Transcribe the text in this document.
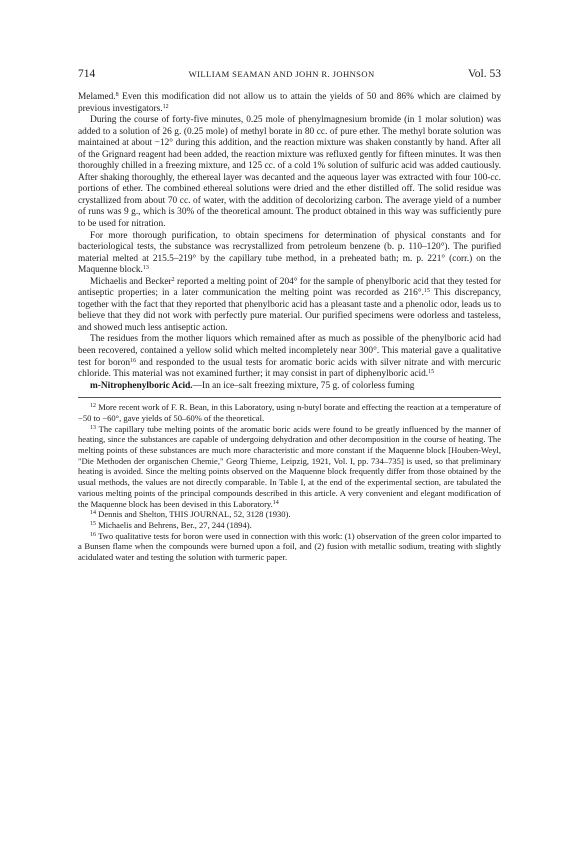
714	WILLIAM SEAMAN AND JOHN R. JOHNSON	Vol. 53

Melamed.$^8$ Even this modification did not allow us to attain the yields of 50 and 86% which are claimed by previous investigators.$^{12}$

During the course of forty-five minutes, 0.25 mole of phenylmagnesium bromide (in 1 molar solution) was added to a solution of 26 g. (0.25 mole) of methyl borate in 80 cc. of pure ether. The methyl borate solution was maintained at about −12° during this addition, and the reaction mixture was shaken constantly by hand. After all of the Grignard reagent had been added, the reaction mixture was refluxed gently for fifteen minutes. It was then thoroughly chilled in a freezing mixture, and 125 cc. of a cold 1% solution of sulfuric acid was added cautiously. After shaking thoroughly, the ethereal layer was decanted and the aqueous layer was extracted with four 100-cc. portions of ether. The combined ethereal solutions were dried and the ether distilled off. The solid residue was crystallized from about 70 cc. of water, with the addition of decolorizing carbon. The average yield of a number of runs was 9 g., which is 30% of the theoretical amount. The product obtained in this way was sufficiently pure to be used for nitration.

For more thorough purification, to obtain specimens for determination of physical constants and for bacteriological tests, the substance was recrystallized from petroleum benzene (b. p. 110–120°). The purified material melted at 215.5–219° by the capillary tube method, in a preheated bath; m. p. 221° (corr.) on the Maquenne block.$^{13}$

Michaelis and Becker$^2$ reported a melting point of 204° for the sample of phenylboric acid that they tested for antiseptic properties; in a later communication the melting point was recorded as 216°.$^{15}$ This discrepancy, together with the fact that they reported that phenylboric acid has a pleasant taste and a phenolic odor, leads us to believe that they did not work with perfectly pure material. Our purified specimens were odorless and tasteless, and showed much less antiseptic action.

The residues from the mother liquors which remained after as much as possible of the phenylboric acid had been recovered, contained a yellow solid which melted incompletely near 300°. This material gave a qualitative test for boron$^{16}$ and responded to the usual tests for aromatic boric acids with silver nitrate and with mercuric chloride. This material was not examined further; it may consist in part of diphenylboric acid.$^{15}$

m-Nitrophenylboric Acid.—In an ice–salt freezing mixture, 75 g. of colorless fuming

$^{12}$ More recent work of F. R. Bean, in this Laboratory, using n-butyl borate and effecting the reaction at a temperature of −50 to −60°, gave yields of 50–60% of the theoretical.

$^{13}$ The capillary tube melting points of the aromatic boric acids were found to be greatly influenced by the manner of heating, since the substances are capable of undergoing dehydration and other decomposition in the course of heating. The melting points of these substances are much more characteristic and more constant if the Maquenne block [Houben-Weyl, "Die Methoden der organischen Chemie," Georg Thieme, Leipzig, 1921, Vol. I, pp. 734–735] is used, so that preliminary heating is avoided. Since the melting points observed on the Maquenne block frequently differ from those obtained by the usual methods, the values are not directly comparable. In Table I, at the end of the experimental section, are tabulated the various melting points of the principal compounds described in this article. A very convenient and elegant modification of the Maquenne block has been devised in this Laboratory.$^{14}$

$^{14}$ Dennis and Shelton, THIS JOURNAL, 52, 3128 (1930).

$^{15}$ Michaelis and Behrens, Ber., 27, 244 (1894).

$^{16}$ Two qualitative tests for boron were used in connection with this work: (1) observation of the green color imparted to a Bunsen flame when the compounds were burned upon a foil, and (2) fusion with metallic sodium, treating with slightly acidulated water and testing the solution with turmeric paper.
